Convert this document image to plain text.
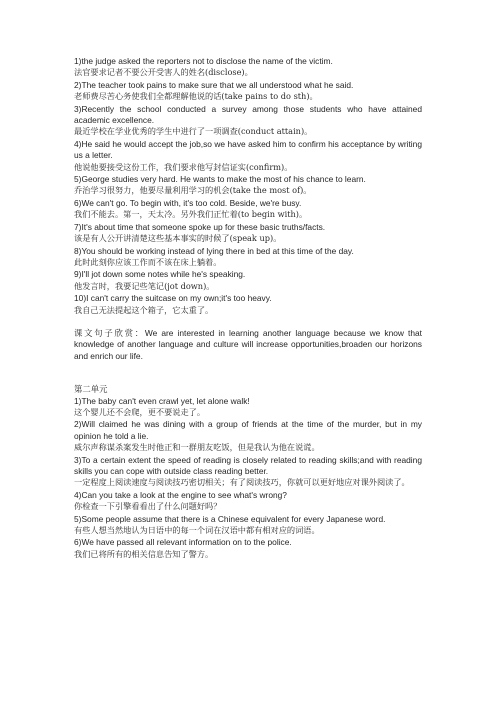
1)the judge asked the reporters not to disclose the name of the victim.

法官要求记者不要公开受害人的姓名(disclose)。

2)The teacher took pains to make sure that we all understood what he said.

老师费尽苦心务使我们全都理解他说的话(take pains to do sth)。

3)Recently the school conducted a survey among those students who have attained academic excellence.

最近学校在学业优秀的学生中进行了一项调查(conduct attain)。

4)He said he would accept the job,so we have asked him to confirm his acceptance by writing us a letter.

他说他要接受这份工作，我们要求他写封信证实(confirm)。

5)George studies very hard. He wants to make the most of his chance to learn.

乔治学习很努力，他要尽量利用学习的机会(take the most of)。

6)We can't go. To begin with, it's too cold. Beside, we're busy.

我们不能去。第一，天太冷。另外我们正忙着(to begin with)。

7)It's about time that someone spoke up for these basic truths/facts.

该是有人公开讲清楚这些基本事实的时候了(speak up)。

8)You should be working instead of lying there in bed at this time of the day.

此时此刻你应该工作而不该在床上躺着。

9)I'll jot down some notes while he's speaking.

他发言时，我要记些笔记(jot down)。

10)I can't carry the suitcase on my own;it's too heavy.

我自己无法提起这个箱子，它太重了。

课文句子欣赏：We are interested in learning another language because we know that knowledge of another language and culture will increase opportunities,broaden our horizons and enrich our life.

第二单元

1)The baby can't even crawl yet, let alone walk!

这个婴儿还不会爬，更不要说走了。

2)Will claimed he was dining with a group of friends at the time of the murder, but in my opinion he told a lie.

威尔声称谋杀案发生时他正和一群朋友吃饭，但是我认为他在说谎。

3)To a certain extent the speed of reading is closely related to reading skills;and with reading skills you can cope with outside class reading better.

一定程度上阅读速度与阅读技巧密切相关；有了阅读技巧，你就可以更好地应对课外阅读了。

4)Can you take a look at the engine to see what's wrong?

你检查一下引擎看看出了什么问题好吗？

5)Some people assume that there is a Chinese equivalent for every Japanese word.

有些人想当然地认为日语中的每一个词在汉语中都有相对应的词语。

6)We have passed all relevant information on to the police.

我们已将所有的相关信息告知了警方。
